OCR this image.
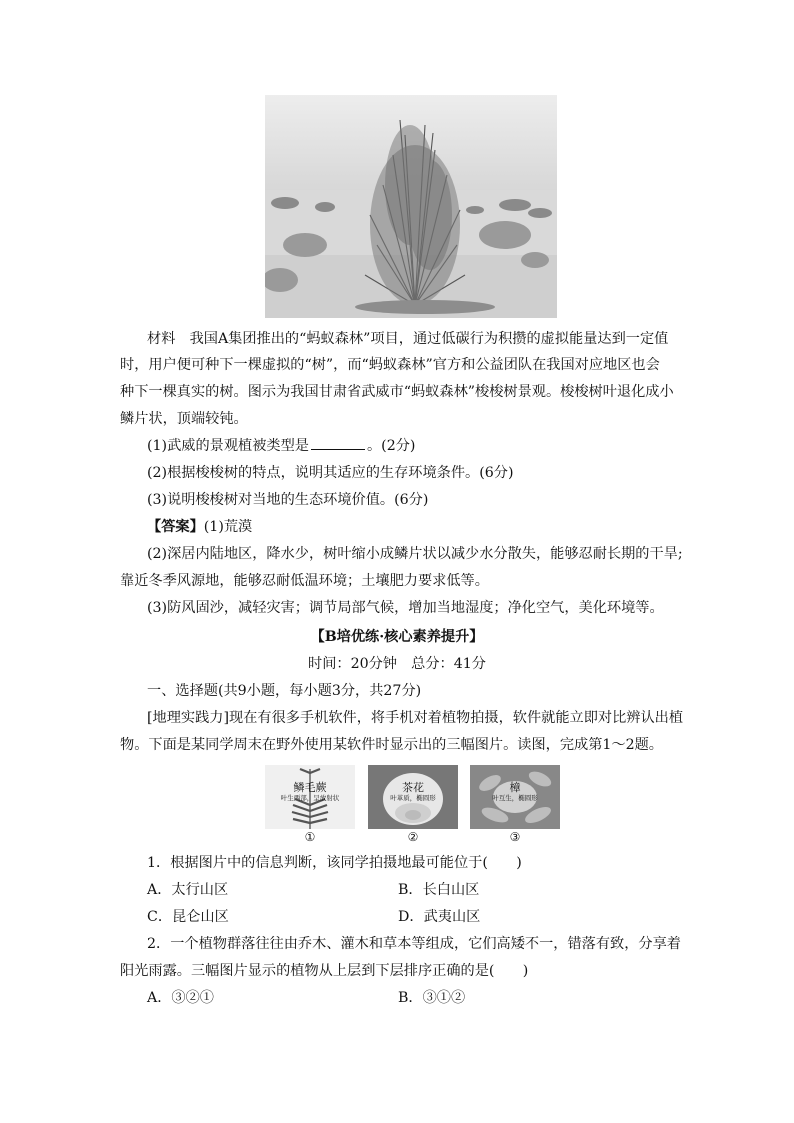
材料　我国A集团推出的“蚂蚁森林”项目，通过低碳行为积攒的虚拟能量达到一定值
时，用户便可种下一棵虚拟的“树”，而“蚂蚁森林”官方和公益团队在我国对应地区也会
种下一棵真实的树。图示为我国甘肃省武威市“蚂蚁森林”梭梭树景观。梭梭树叶退化成小
鳞片状，顶端较钝。
(1)武威的景观植被类型是	。(2分)
(2)根据梭梭树的特点，说明其适应的生存环境条件。(6分)
(3)说明梭梭树对当地的生态环境价值。(6分)
【答案】(1)荒漠
(2)深居内陆地区，降水少，树叶缩小成鳞片状以减少水分散失，能够忍耐长期的干旱;
靠近冬季风源地，能够忍耐低温环境；土壤肥力要求低等。
(3)防风固沙，减轻灾害；调节局部气候，增加当地湿度；净化空气，美化环境等。
【B培优练·核心素养提升】
时间：20分钟　总分：41分
一、选择题(共9小题，每小题3分，共27分)
[地理实践力]现在有很多手机软件，将手机对着植物拍摄，软件就能立即对比辨认出植
物。下面是某同学周末在野外使用某软件时显示出的三幅图片。读图，完成第1～2题。
鳞毛蕨
叶生两部，呈放射状
茶花
叶革质，椭圆形
樟
叶互生，椭圆形
①	②	③
1．根据图片中的信息判断，该同学拍摄地最可能位于(　　)
A．太行山区	B．长白山区
C．昆仑山区	D．武夷山区
2．一个植物群落往往由乔木、灌木和草本等组成，它们高矮不一，错落有致，分享着
阳光雨露。三幅图片显示的植物从上层到下层排序正确的是(　　)
A．③②①	B．③①②
